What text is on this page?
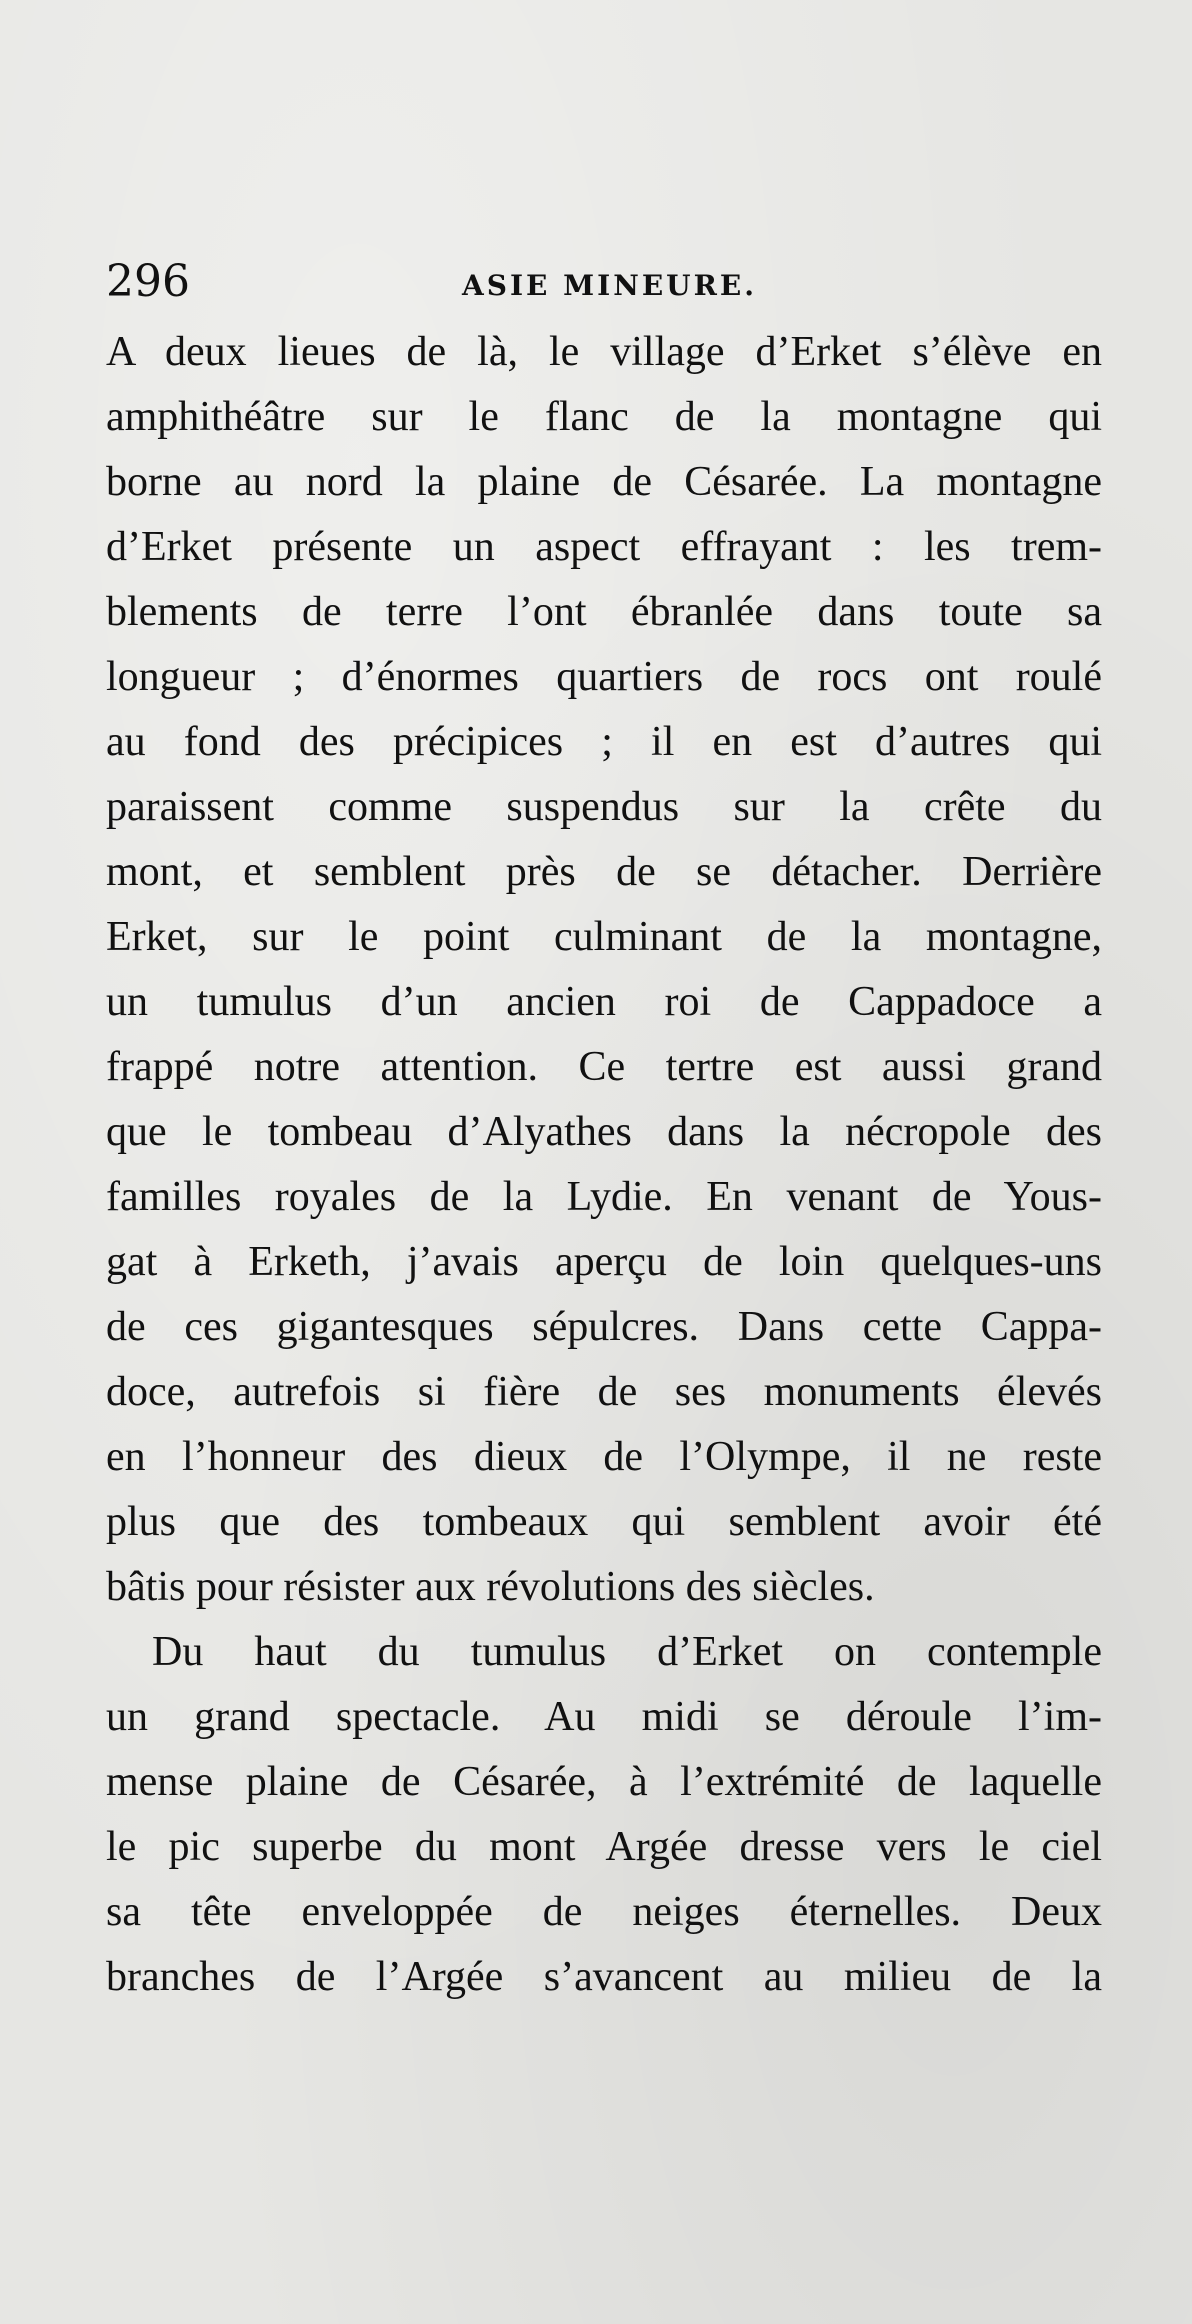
296	ASIE MINEURE.
A deux lieues de là, le village d’Erket s’élève en
amphithéâtre sur le flanc de la montagne qui
borne au nord la plaine de Césarée. La montagne
d’Erket présente un aspect effrayant : les trem-
blements de terre l’ont ébranlée dans toute sa
longueur ; d’énormes quartiers de rocs ont roulé
au fond des précipices ; il en est d’autres qui
paraissent comme suspendus sur la crête du
mont, et semblent près de se détacher. Derrière
Erket, sur le point culminant de la montagne,
un tumulus d’un ancien roi de Cappadoce a
frappé notre attention. Ce tertre est aussi grand
que le tombeau d’Alyathes dans la nécropole des
familles royales de la Lydie. En venant de Yous-
gat à Erketh, j’avais aperçu de loin quelques-uns
de ces gigantesques sépulcres. Dans cette Cappa-
doce, autrefois si fière de ses monuments élevés
en l’honneur des dieux de l’Olympe, il ne reste
plus que des tombeaux qui semblent avoir été
bâtis pour résister aux révolutions des siècles.
Du haut du tumulus d’Erket on contemple
un grand spectacle. Au midi se déroule l’im-
mense plaine de Césarée, à l’extrémité de laquelle
le pic superbe du mont Argée dresse vers le ciel
sa tête enveloppée de neiges éternelles. Deux
branches de l’Argée s’avancent au milieu de la
